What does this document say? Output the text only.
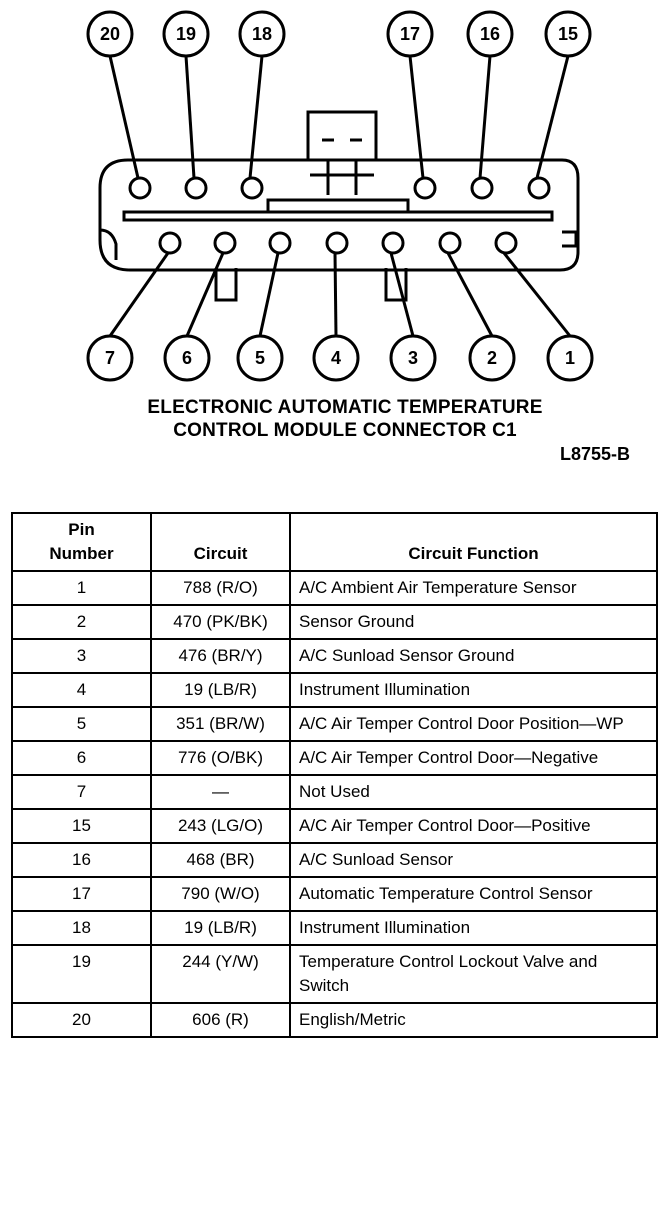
20	19	18	17	16	15
7	6	5	4	3	2	1
ELECTRONIC AUTOMATIC TEMPERATURE
CONTROL MODULE CONNECTOR C1
L8755-B
Pin Number	Circuit	Circuit Function
1	788 (R/O)	A/C Ambient Air Temperature Sensor
2	470 (PK/BK)	Sensor Ground
3	476 (BR/Y)	A/C Sunload Sensor Ground
4	19 (LB/R)	Instrument Illumination
5	351 (BR/W)	A/C Air Temper Control Door Position—WP
6	776 (O/BK)	A/C Air Temper Control Door—Negative
7	—	Not Used
15	243 (LG/O)	A/C Air Temper Control Door—Positive
16	468 (BR)	A/C Sunload Sensor
17	790 (W/O)	Automatic Temperature Control Sensor
18	19 (LB/R)	Instrument Illumination
19	244 (Y/W)	Temperature Control Lockout Valve and Switch
20	606 (R)	English/Metric
